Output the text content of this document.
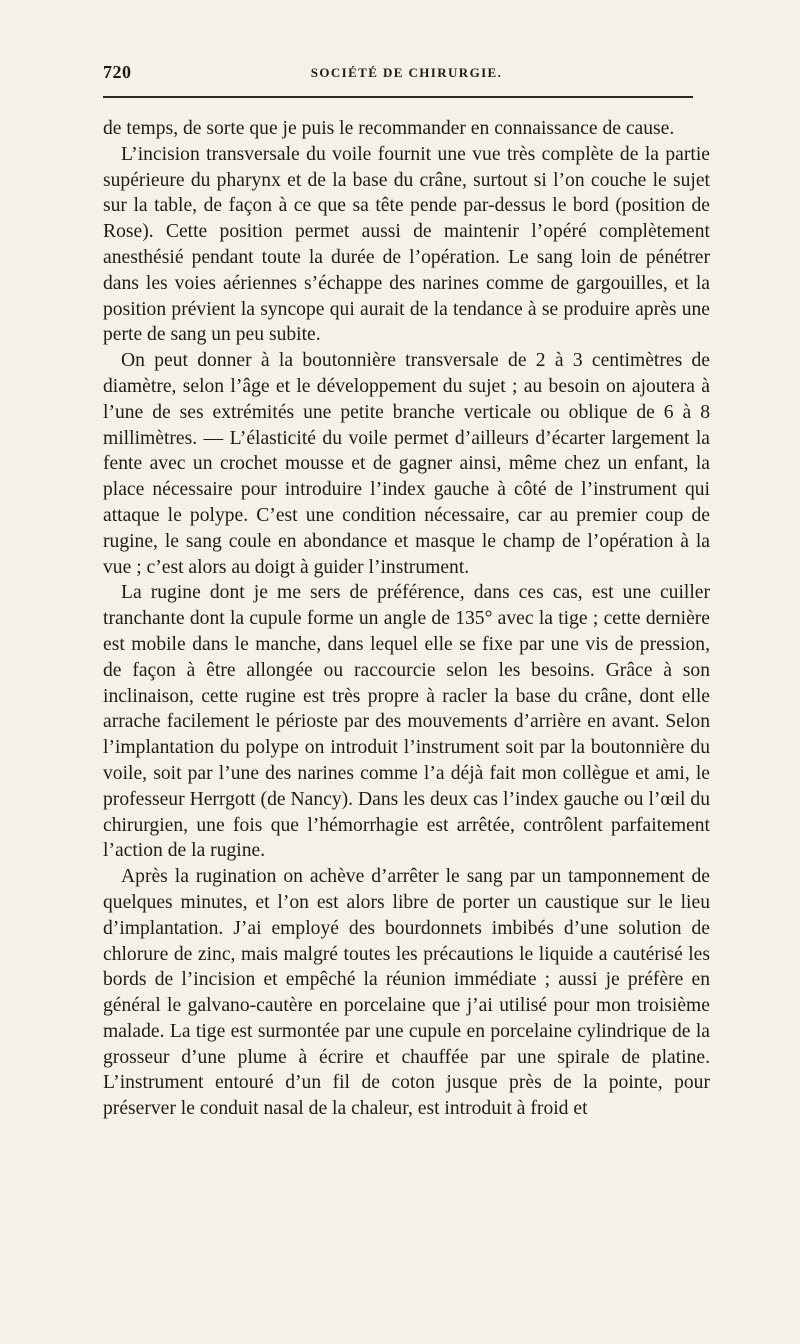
720	SOCIÉTÉ DE CHIRURGIE.

de temps, de sorte que je puis le recommander en connaissance de cause.

L’incision transversale du voile fournit une vue très complète de la partie supérieure du pharynx et de la base du crâne, surtout si l’on couche le sujet sur la table, de façon à ce que sa tête pende par-dessus le bord (position de Rose). Cette position permet aussi de maintenir l’opéré complètement anesthésié pendant toute la durée de l’opération. Le sang loin de pénétrer dans les voies aériennes s’échappe des narines comme de gargouilles, et la position prévient la syncope qui aurait de la tendance à se produire après une perte de sang un peu subite.

On peut donner à la boutonnière transversale de 2 à 3 centimètres de diamètre, selon l’âge et le développement du sujet ; au besoin on ajoutera à l’une de ses extrémités une petite branche verticale ou oblique de 6 à 8 millimètres. — L’élasticité du voile permet d’ailleurs d’écarter largement la fente avec un crochet mousse et de gagner ainsi, même chez un enfant, la place nécessaire pour introduire l’index gauche à côté de l’instrument qui attaque le polype. C’est une condition nécessaire, car au premier coup de rugine, le sang coule en abondance et masque le champ de l’opération à la vue ; c’est alors au doigt à guider l’instrument.

La rugine dont je me sers de préférence, dans ces cas, est une cuiller tranchante dont la cupule forme un angle de 135° avec la tige ; cette dernière est mobile dans le manche, dans lequel elle se fixe par une vis de pression, de façon à être allongée ou raccourcie selon les besoins. Grâce à son inclinaison, cette rugine est très propre à racler la base du crâne, dont elle arrache facilement le périoste par des mouvements d’arrière en avant. Selon l’implantation du polype on introduit l’instrument soit par la boutonnière du voile, soit par l’une des narines comme l’a déjà fait mon collègue et ami, le professeur Herrgott (de Nancy). Dans les deux cas l’index gauche ou l’œil du chirurgien, une fois que l’hémorrhagie est arrêtée, contrôlent parfaitement l’action de la rugine.

Après la rugination on achève d’arrêter le sang par un tamponnement de quelques minutes, et l’on est alors libre de porter un caustique sur le lieu d’implantation. J’ai employé des bourdonnets imbibés d’une solution de chlorure de zinc, mais malgré toutes les précautions le liquide a cautérisé les bords de l’incision et empêché la réunion immédiate ; aussi je préfère en général le galvano-cautère en porcelaine que j’ai utilisé pour mon troisième malade. La tige est surmontée par une cupule en porcelaine cylindrique de la grosseur d’une plume à écrire et chauffée par une spirale de platine. L’instrument entouré d’un fil de coton jusque près de la pointe, pour préserver le conduit nasal de la chaleur, est introduit à froid et
